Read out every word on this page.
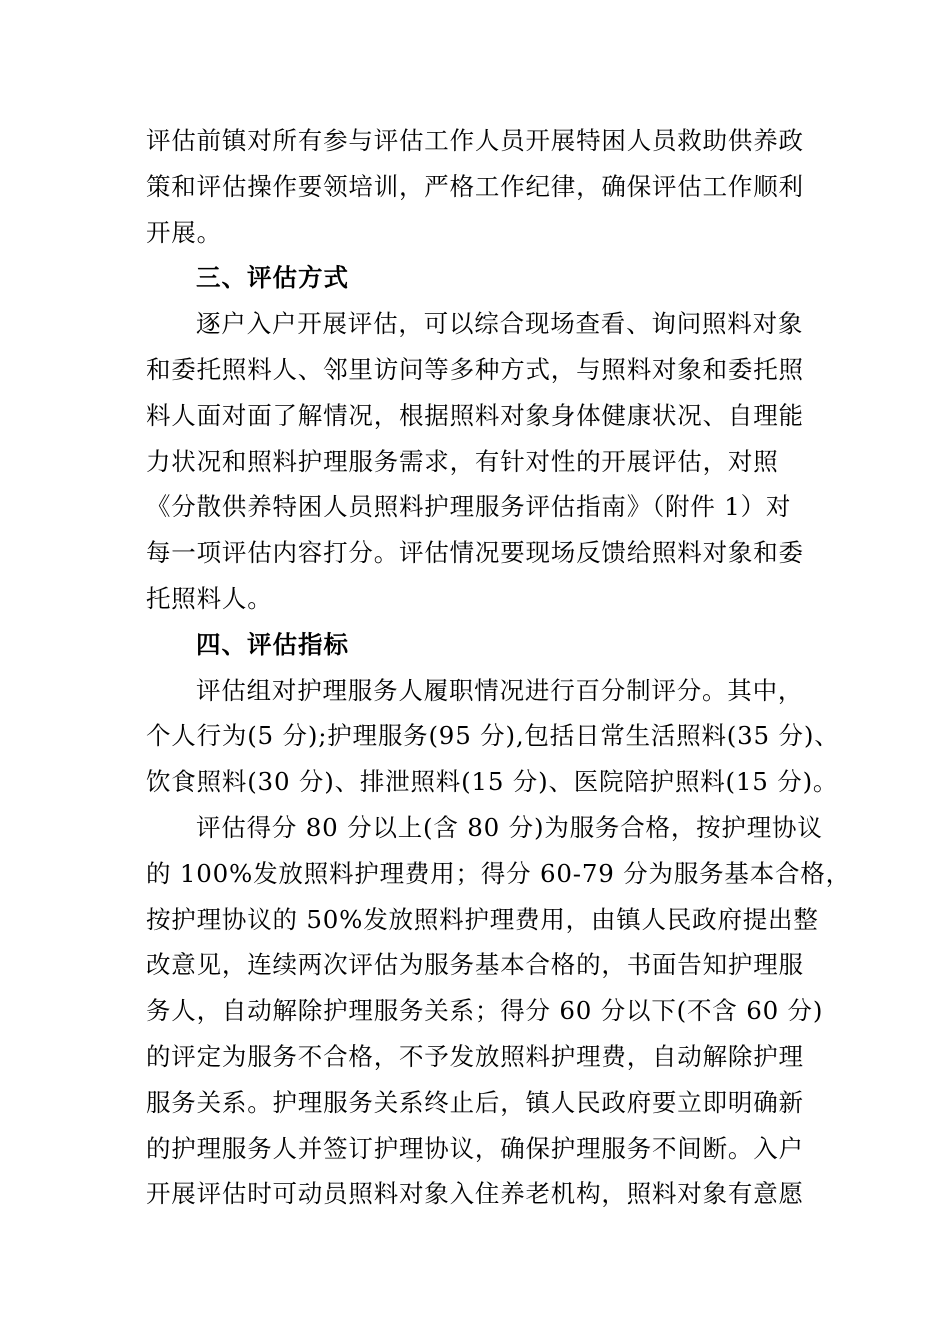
评估前镇对所有参与评估工作人员开展特困人员救助供养政
策和评估操作要领培训，严格工作纪律，确保评估工作顺利
开展。
三、评估方式
逐户入户开展评估，可以综合现场查看、询问照料对象
和委托照料人、邻里访问等多种方式，与照料对象和委托照
料人面对面了解情况，根据照料对象身体健康状况、自理能
力状况和照料护理服务需求，有针对性的开展评估，对照
《分散供养特困人员照料护理服务评估指南》（附件 1）对
每一项评估内容打分。评估情况要现场反馈给照料对象和委
托照料人。
四、评估指标
评估组对护理服务人履职情况进行百分制评分。其中，
个人行为(5 分);护理服务(95 分),包括日常生活照料(35 分)、
饮食照料(30 分)、排泄照料(15 分)、医院陪护照料(15 分)。
评估得分 80 分以上(含 80 分)为服务合格，按护理协议
的 100%发放照料护理费用；得分 60-79 分为服务基本合格，
按护理协议的 50%发放照料护理费用，由镇人民政府提出整
改意见，连续两次评估为服务基本合格的，书面告知护理服
务人，自动解除护理服务关系；得分 60 分以下(不含 60 分)
的评定为服务不合格，不予发放照料护理费，自动解除护理
服务关系。护理服务关系终止后，镇人民政府要立即明确新
的护理服务人并签订护理协议，确保护理服务不间断。入户
开展评估时可动员照料对象入住养老机构，照料对象有意愿
